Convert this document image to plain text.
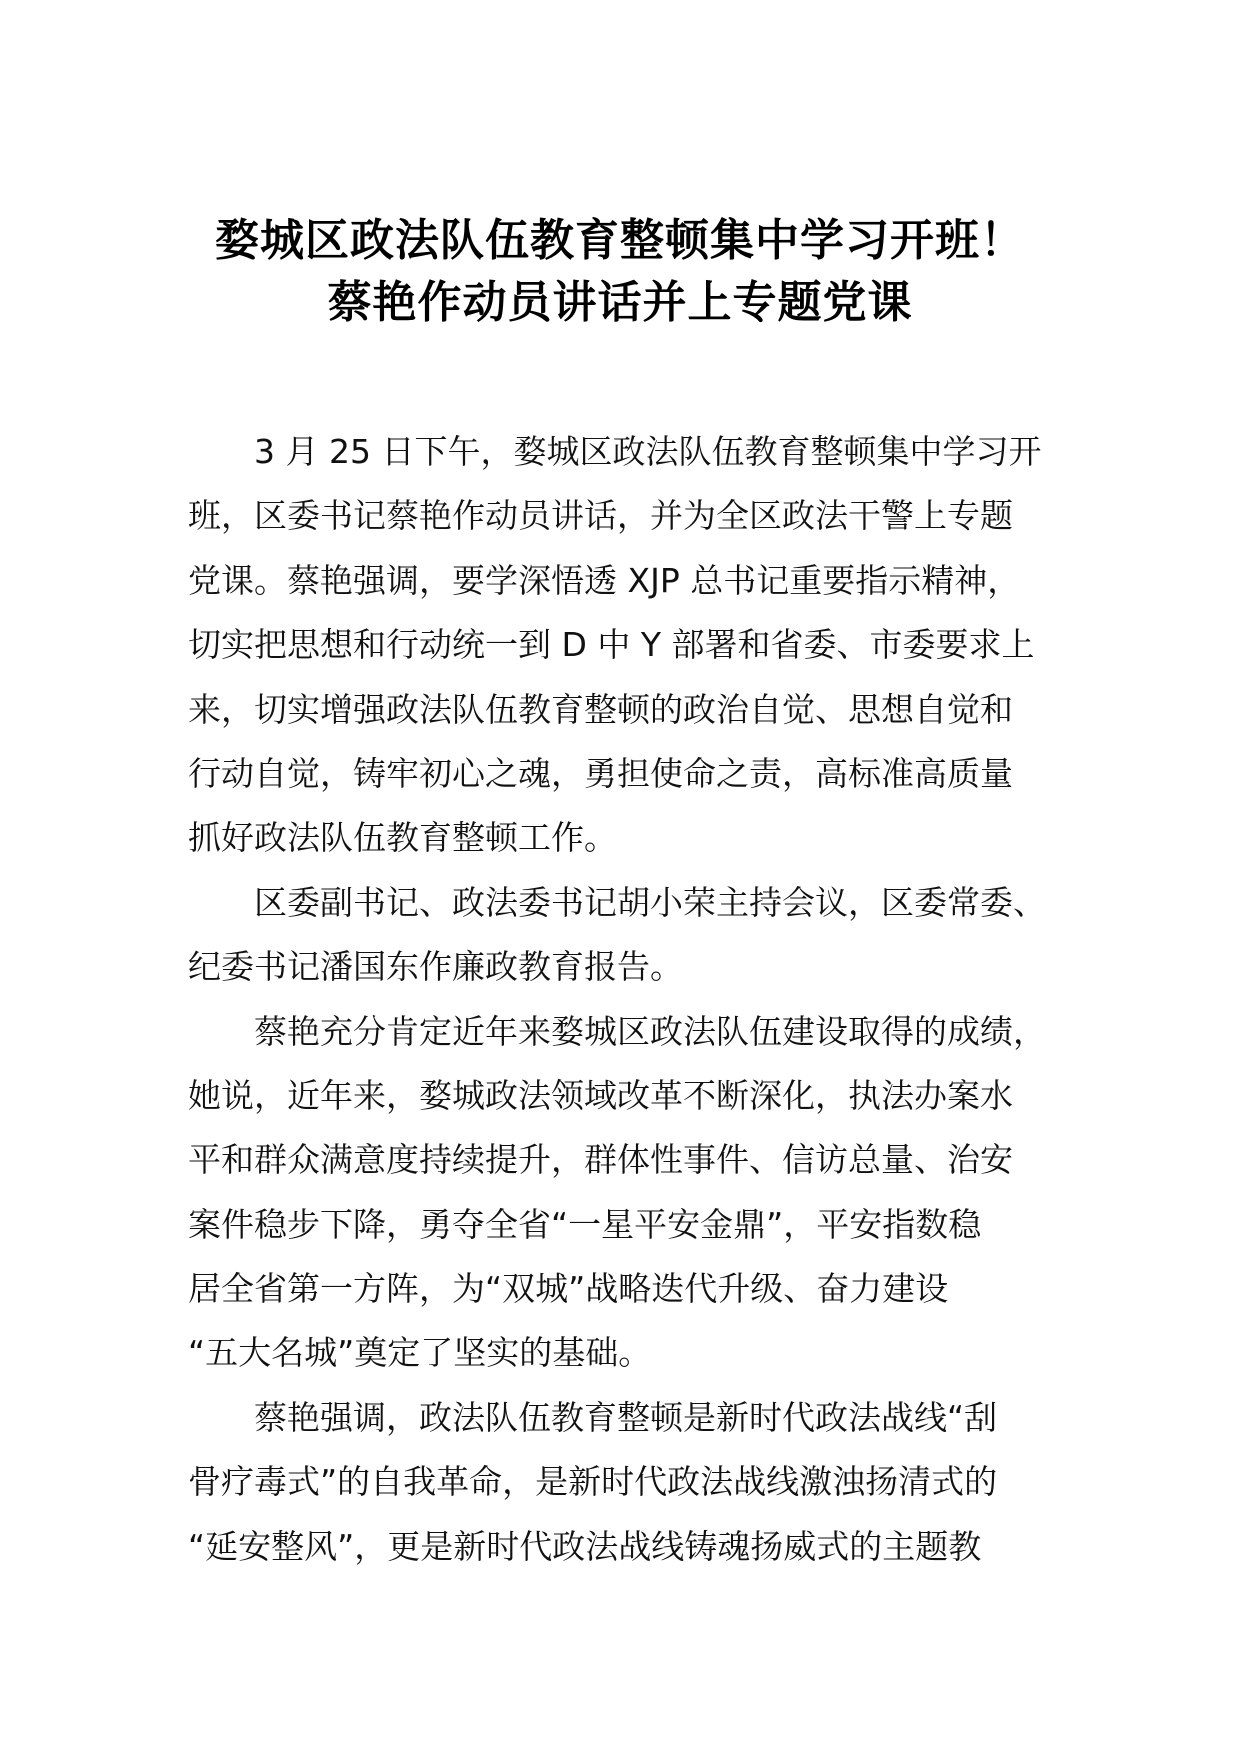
婺城区政法队伍教育整顿集中学习开班！
蔡艳作动员讲话并上专题党课
3 月 25 日下午，婺城区政法队伍教育整顿集中学习开
班，区委书记蔡艳作动员讲话，并为全区政法干警上专题
党课。蔡艳强调，要学深悟透 XJP 总书记重要指示精神，
切实把思想和行动统一到 D 中 Y 部署和省委、市委要求上
来，切实增强政法队伍教育整顿的政治自觉、思想自觉和
行动自觉，铸牢初心之魂，勇担使命之责，高标准高质量
抓好政法队伍教育整顿工作。
区委副书记、政法委书记胡小荣主持会议，区委常委、
纪委书记潘国东作廉政教育报告。
蔡艳充分肯定近年来婺城区政法队伍建设取得的成绩，
她说，近年来，婺城政法领域改革不断深化，执法办案水
平和群众满意度持续提升，群体性事件、信访总量、治安
案件稳步下降，勇夺全省“一星平安金鼎”，平安指数稳
居全省第一方阵，为“双城”战略迭代升级、奋力建设
“五大名城”奠定了坚实的基础。
蔡艳强调，政法队伍教育整顿是新时代政法战线“刮
骨疗毒式”的自我革命，是新时代政法战线激浊扬清式的
“延安整风”，更是新时代政法战线铸魂扬威式的主题教
